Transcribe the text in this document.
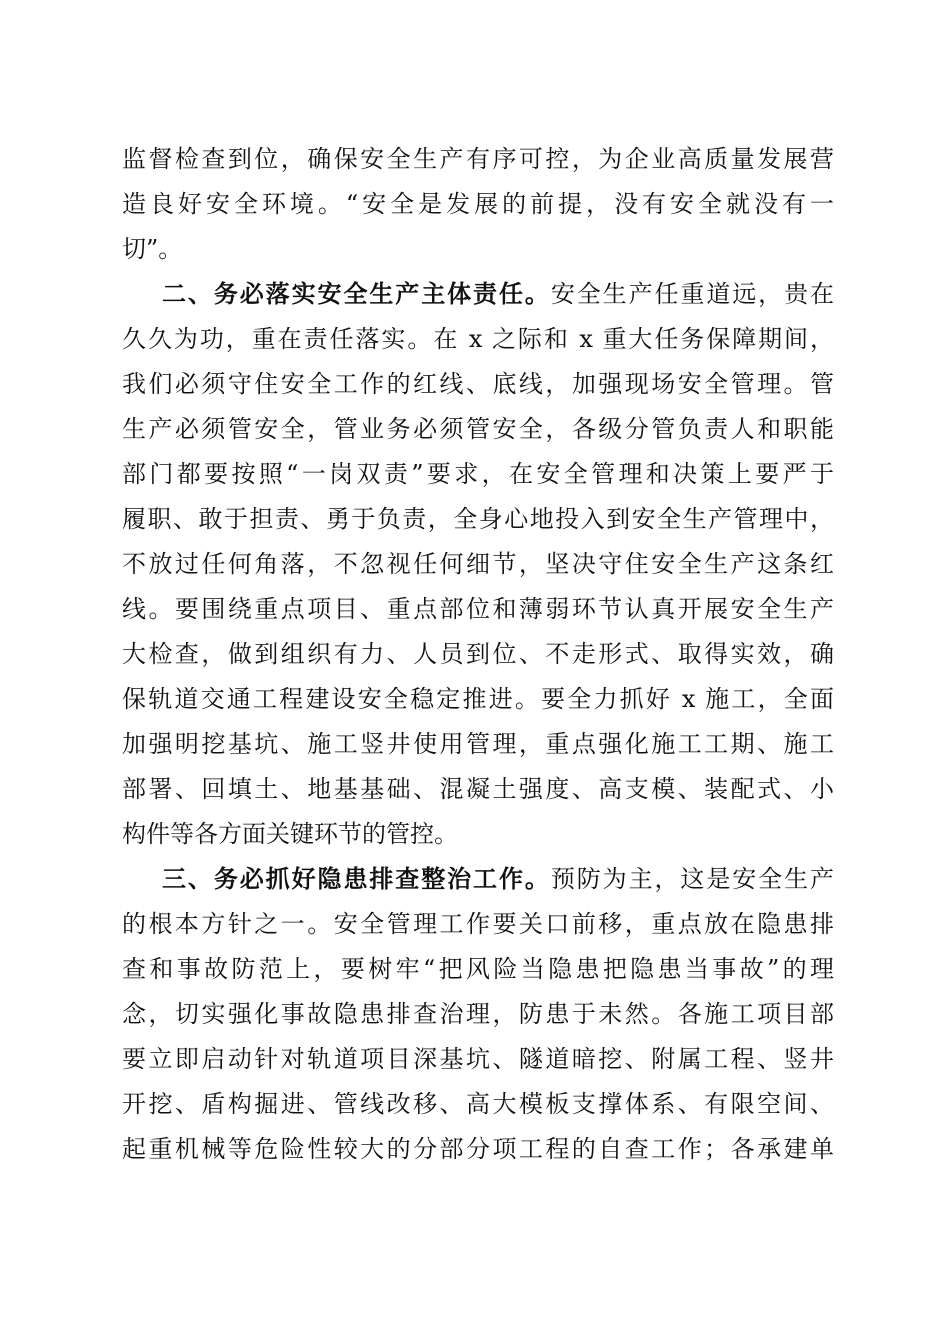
监督检查到位，确保安全生产有序可控，为企业高质量发展营
造良好安全环境。“安全是发展的前提，没有安全就没有一
切”。
二、务必落实安全生产主体责任。安全生产任重道远，贵在
久久为功，重在责任落实。在 x 之际和 x 重大任务保障期间，
我们必须守住安全工作的红线、底线，加强现场安全管理。管
生产必须管安全，管业务必须管安全，各级分管负责人和职能
部门都要按照“一岗双责”要求，在安全管理和决策上要严于
履职、敢于担责、勇于负责，全身心地投入到安全生产管理中，
不放过任何角落，不忽视任何细节，坚决守住安全生产这条红
线。要围绕重点项目、重点部位和薄弱环节认真开展安全生产
大检查，做到组织有力、人员到位、不走形式、取得实效，确
保轨道交通工程建设安全稳定推进。要全力抓好 x 施工，全面
加强明挖基坑、施工竖井使用管理，重点强化施工工期、施工
部署、回填土、地基基础、混凝土强度、高支模、装配式、小
构件等各方面关键环节的管控。
三、务必抓好隐患排查整治工作。预防为主，这是安全生产
的根本方针之一。安全管理工作要关口前移，重点放在隐患排
查和事故防范上，要树牢“把风险当隐患把隐患当事故”的理
念，切实强化事故隐患排查治理，防患于未然。各施工项目部
要立即启动针对轨道项目深基坑、隧道暗挖、附属工程、竖井
开挖、盾构掘进、管线改移、高大模板支撑体系、有限空间、
起重机械等危险性较大的分部分项工程的自查工作；各承建单
